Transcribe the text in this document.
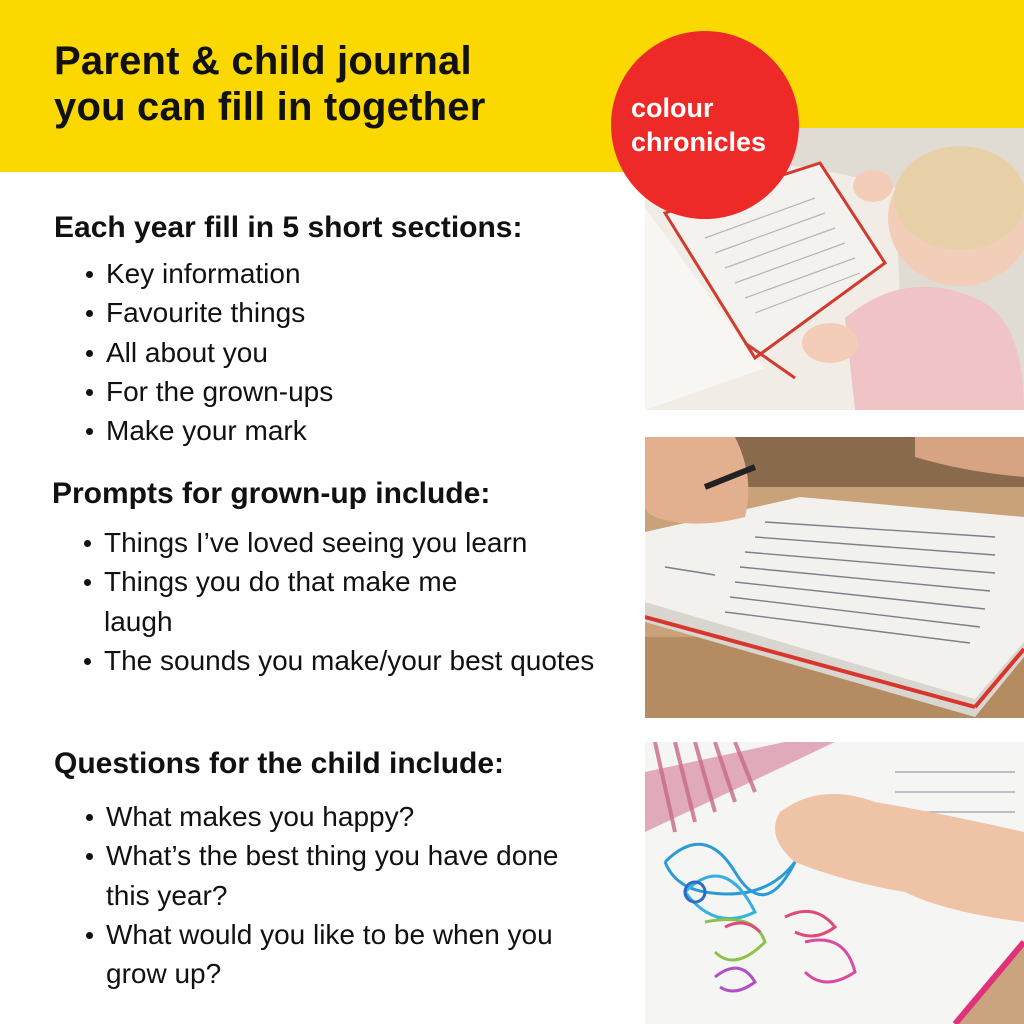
Parent & child journal
you can fill in together	colour
chronicles
Each year fill in 5 short sections:
Key information
Favourite things
All about you
For the grown-ups
Make your mark
Prompts for grown-up include:
Things I’ve loved seeing you learn
Things you do that make me laugh
The sounds you make/your best quotes
Questions for the child include:
What makes you happy?
What’s the best thing you have done this year?
What would you like to be when you grow up?
